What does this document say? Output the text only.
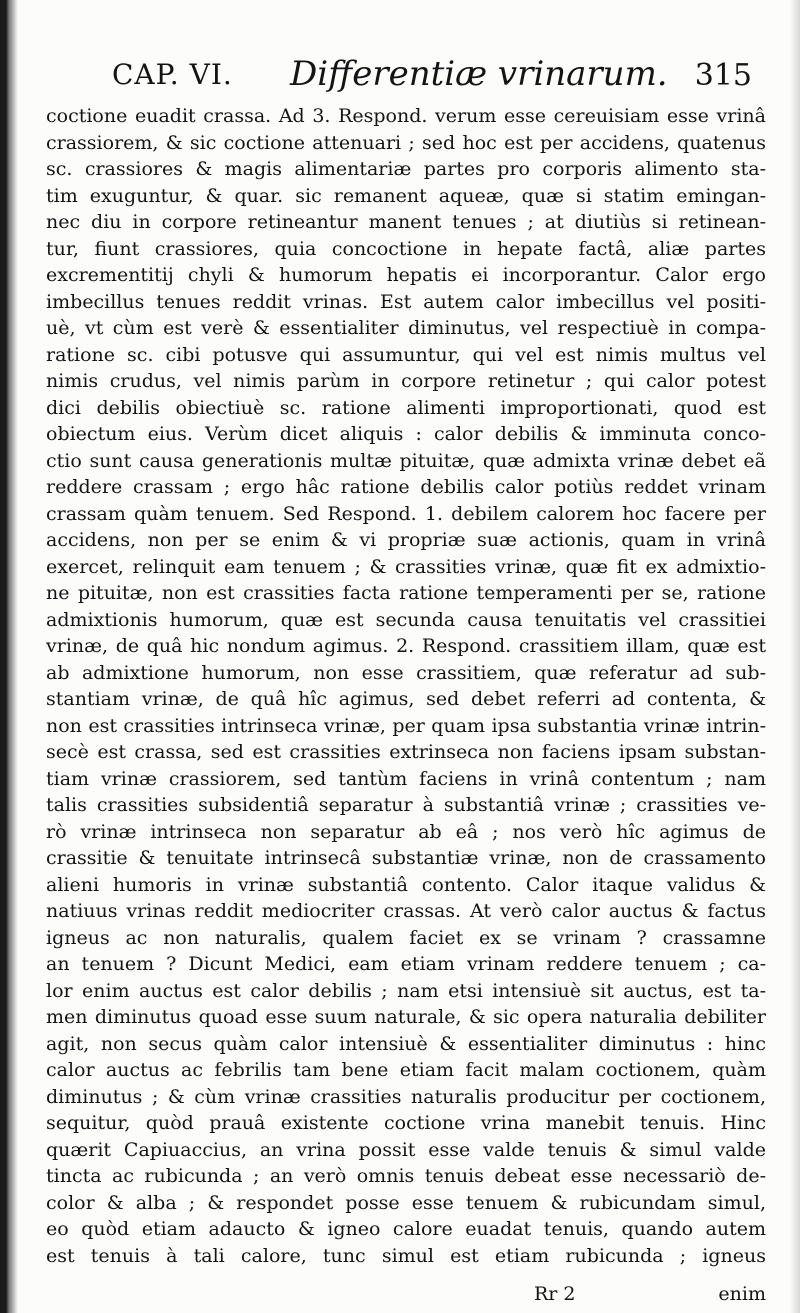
CAP. VI. Differentiæ vrinarum. 315
coctione euadit crassa. Ad 3. Respond. verum esse cereuisiam esse vrinâ
crassiorem, & sic coctione attenuari ; sed hoc est per accidens, quatenus
sc. crassiores & magis alimentariæ partes pro corporis alimento sta-
tim exuguntur, & quar. sic remanent aqueæ, quæ si statim emingan-
nec diu in corpore retineantur manent tenues ; at diutiùs si retinean-
tur, fiunt crassiores, quia concoctione in hepate factâ, aliæ partes
excrementitij chyli & humorum hepatis ei incorporantur. Calor ergo
imbecillus tenues reddit vrinas. Est autem calor imbecillus vel positi-
uè, vt cùm est verè & essentialiter diminutus, vel respectiuè in compa-
ratione sc. cibi potusve qui assumuntur, qui vel est nimis multus vel
nimis crudus, vel nimis parùm in corpore retinetur ; qui calor potest
dici debilis obiectiuè sc. ratione alimenti improportionati, quod est
obiectum eius. Verùm dicet aliquis : calor debilis & imminuta conco-
ctio sunt causa generationis multæ pituitæ, quæ admixta vrinæ debet eã
reddere crassam ; ergo hâc ratione debilis calor potiùs reddet vrinam
crassam quàm tenuem. Sed Respond. 1. debilem calorem hoc facere per
accidens, non per se enim & vi propriæ suæ actionis, quam in vrinâ
exercet, relinquit eam tenuem ; & crassities vrinæ, quæ fit ex admixtio-
ne pituitæ, non est crassities facta ratione temperamenti per se, ratione
admixtionis humorum, quæ est secunda causa tenuitatis vel crassitiei
vrinæ, de quâ hic nondum agimus. 2. Respond. crassitiem illam, quæ est
ab admixtione humorum, non esse crassitiem, quæ referatur ad sub-
stantiam vrinæ, de quâ hîc agimus, sed debet referri ad contenta, &
non est crassities intrinseca vrinæ, per quam ipsa substantia vrinæ intrin-
secè est crassa, sed est crassities extrinseca non faciens ipsam substan-
tiam vrinæ crassiorem, sed tantùm faciens in vrinâ contentum ; nam
talis crassities subsidentiâ separatur à substantiâ vrinæ ; crassities ve-
rò vrinæ intrinseca non separatur ab eâ ; nos verò hîc agimus de
crassitie & tenuitate intrinsecâ substantiæ vrinæ, non de crassamento
alieni humoris in vrinæ substantiâ contento. Calor itaque validus &
natiuus vrinas reddit mediocriter crassas. At verò calor auctus & factus
igneus ac non naturalis, qualem faciet ex se vrinam ? crassamne
an tenuem ? Dicunt Medici, eam etiam vrinam reddere tenuem ; ca-
lor enim auctus est calor debilis ; nam etsi intensiuè sit auctus, est ta-
men diminutus quoad esse suum naturale, & sic opera naturalia debiliter
agit, non secus quàm calor intensiuè & essentialiter diminutus : hinc
calor auctus ac febrilis tam bene etiam facit malam coctionem, quàm
diminutus ; & cùm vrinæ crassities naturalis producitur per coctionem,
sequitur, quòd prauâ existente coctione vrina manebit tenuis. Hinc
quærit Capiuaccius, an vrina possit esse valde tenuis & simul valde
tincta ac rubicunda ; an verò omnis tenuis debeat esse necessariò de-
color & alba ; & respondet posse esse tenuem & rubicundam simul,
eo quòd etiam adaucto & igneo calore euadat tenuis, quando autem
est tenuis à tali calore, tunc simul est etiam rubicunda ; igneus
Rr 2	enim
